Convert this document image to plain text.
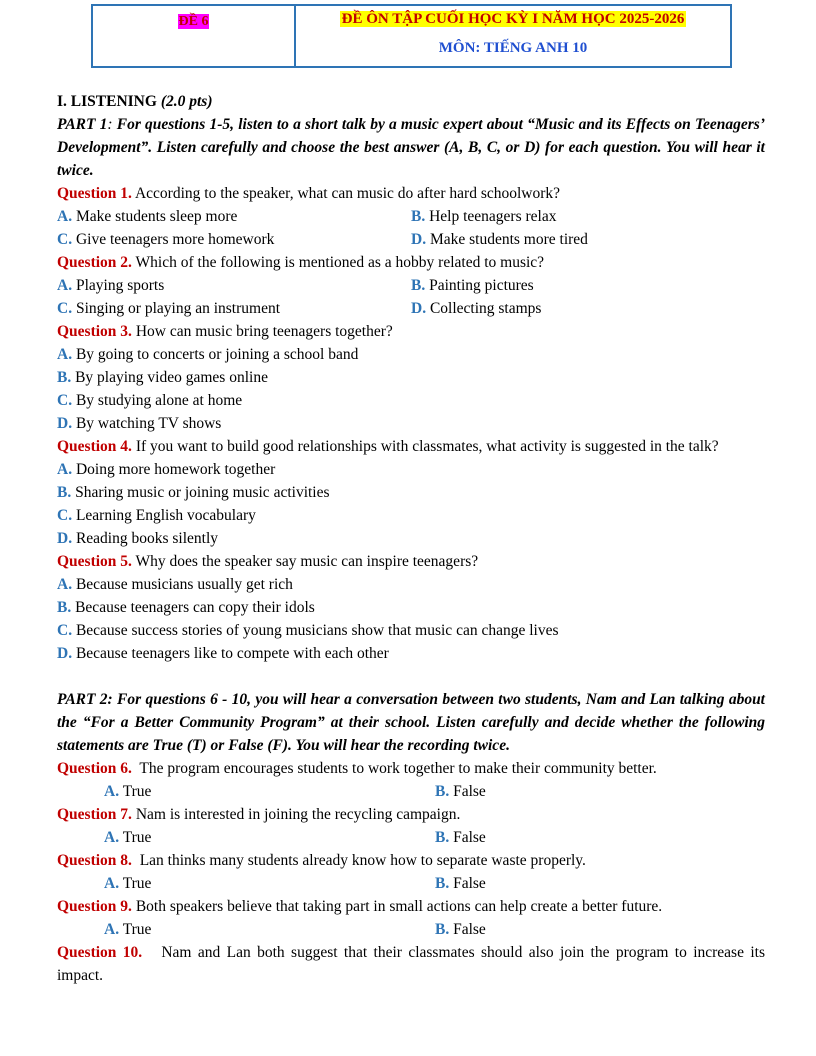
ĐỀ 6	ĐỀ ÔN TẬP CUỐI HỌC KỲ I NĂM HỌC 2025-2026
MÔN: TIẾNG ANH 10
I. LISTENING (2.0 pts)
PART 1: For questions 1-5, listen to a short talk by a music expert about “Music and its Effects on Teenagers’ Development”. Listen carefully and choose the best answer (A, B, C, or D) for each question. You will hear it twice.
Question 1. According to the speaker, what can music do after hard schoolwork?
A. Make students sleep more	B. Help teenagers relax
C. Give teenagers more homework	D. Make students more tired
Question 2. Which of the following is mentioned as a hobby related to music?
A. Playing sports	B. Painting pictures
C. Singing or playing an instrument	D. Collecting stamps
Question 3. How can music bring teenagers together?
A. By going to concerts or joining a school band
B. By playing video games online
C. By studying alone at home
D. By watching TV shows
Question 4. If you want to build good relationships with classmates, what activity is suggested in the talk?
A. Doing more homework together
B. Sharing music or joining music activities
C. Learning English vocabulary
D. Reading books silently
Question 5. Why does the speaker say music can inspire teenagers?
A. Because musicians usually get rich
B. Because teenagers can copy their idols
C. Because success stories of young musicians show that music can change lives
D. Because teenagers like to compete with each other
PART 2: For questions 6 - 10, you will hear a conversation between two students, Nam and Lan talking about the “For a Better Community Program” at their school. Listen carefully and decide whether the following statements are True (T) or False (F). You will hear the recording twice.
Question 6. The program encourages students to work together to make their community better.
A. True	B. False
Question 7. Nam is interested in joining the recycling campaign.
A. True	B. False
Question 8. Lan thinks many students already know how to separate waste properly.
A. True	B. False
Question 9. Both speakers believe that taking part in small actions can help create a better future.
A. True	B. False
Question 10. Nam and Lan both suggest that their classmates should also join the program to increase its impact.
